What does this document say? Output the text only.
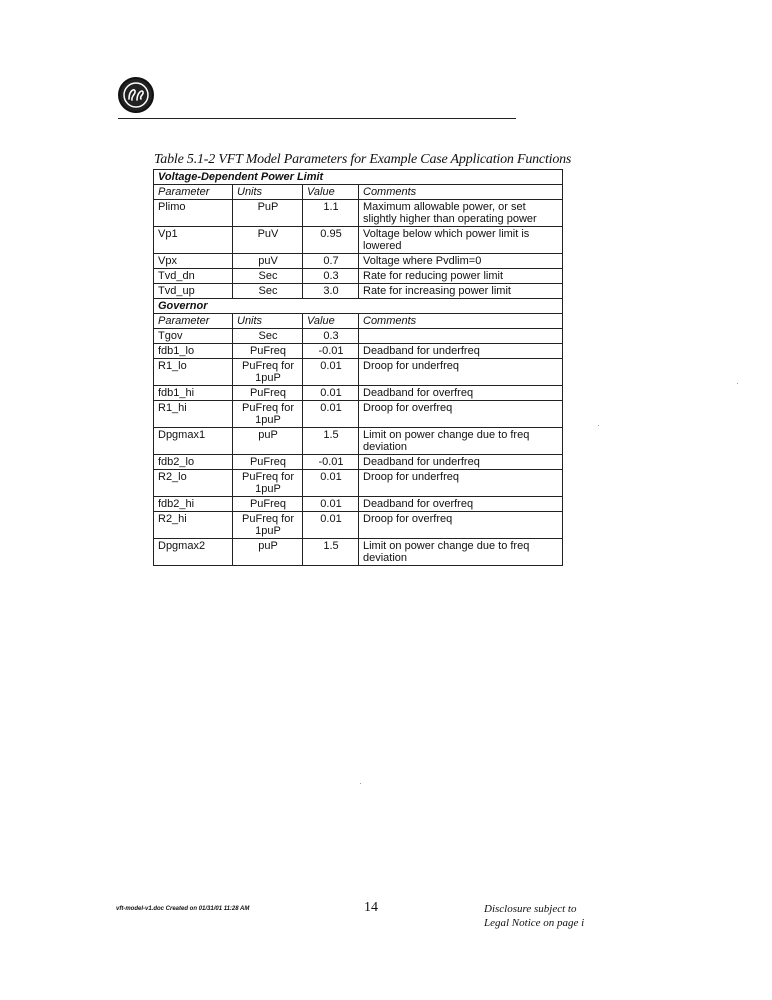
Table 5.1-2 VFT Model Parameters for Example Case Application Functions
Voltage-Dependent Power Limit			
Parameter	Units	Value	Comments
Plimo	PuP	1.1	Maximum allowable power, or set slightly higher than operating power
Vp1	PuV	0.95	Voltage below which power limit is lowered
Vpx	puV	0.7	Voltage where Pvdlim=0
Tvd_dn	Sec	0.3	Rate for reducing power limit
Tvd_up	Sec	3.0	Rate for increasing power limit
Governor			
Parameter	Units	Value	Comments
Tgov	Sec	0.3	
fdb1_lo	PuFreq	-0.01	Deadband for underfreq
R1_lo	PuFreq for 1puP	0.01	Droop for underfreq
fdb1_hi	PuFreq	0.01	Deadband for overfreq
R1_hi	PuFreq for 1puP	0.01	Droop for overfreq
Dpgmax1	puP	1.5	Limit on power change due to freq deviation
fdb2_lo	PuFreq	-0.01	Deadband for underfreq
R2_lo	PuFreq for 1puP	0.01	Droop for underfreq
fdb2_hi	PuFreq	0.01	Deadband for overfreq
R2_hi	PuFreq for 1puP	0.01	Droop for overfreq
Dpgmax2	puP	1.5	Limit on power change due to freq deviation
vft-model-v1.doc Created on 01/31/01 11:28 AM	14	Disclosure subject to
Legal Notice on page i
